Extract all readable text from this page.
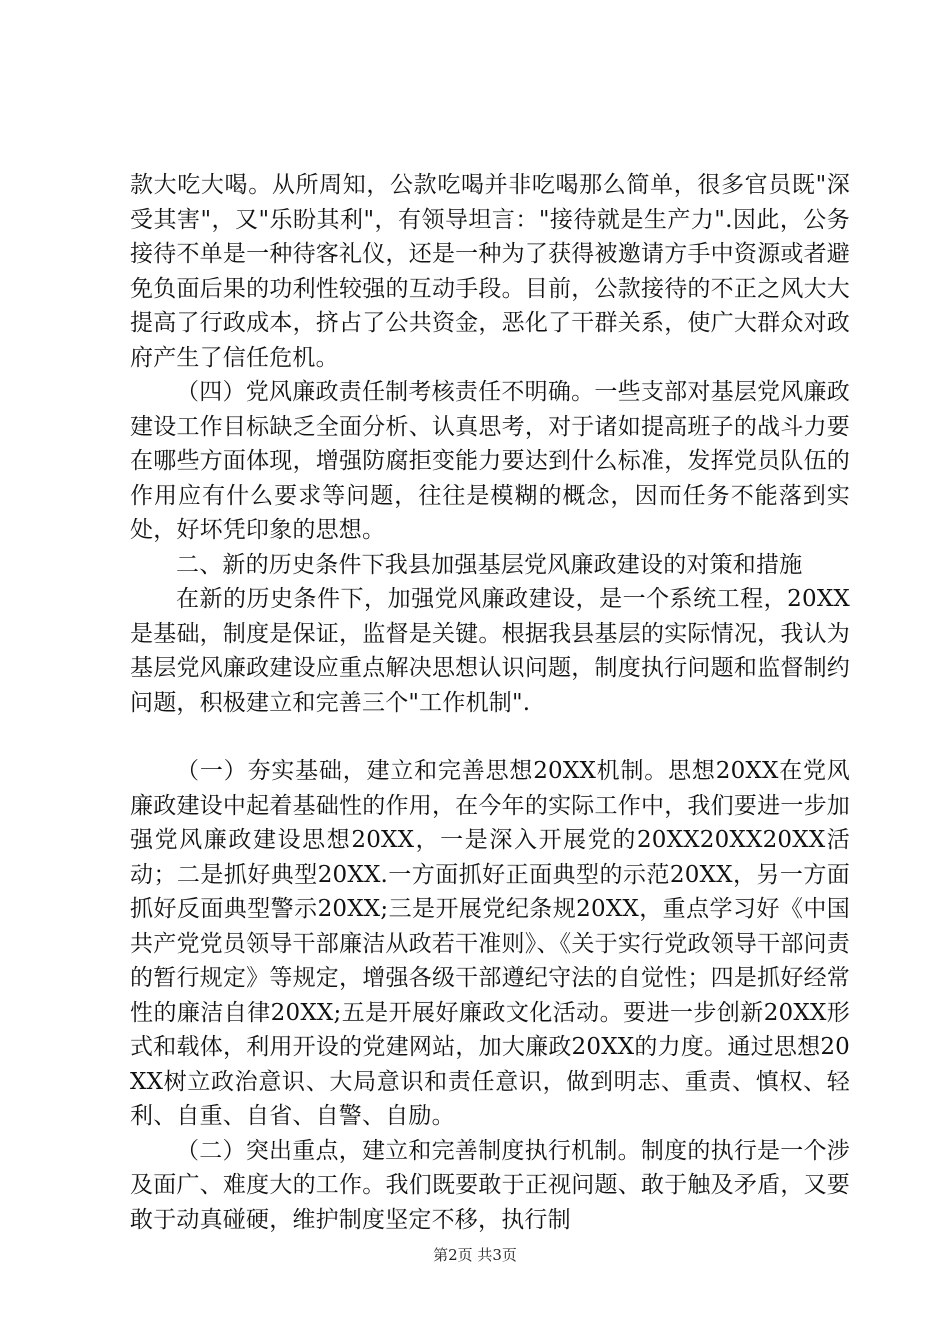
款大吃大喝。从所周知，公款吃喝并非吃喝那么简单，很多官员既"深受其害"，又"乐盼其利"，有领导坦言："接待就是生产力".因此，公务接待不单是一种待客礼仪，还是一种为了获得被邀请方手中资源或者避免负面后果的功利性较强的互动手段。目前，公款接待的不正之风大大提高了行政成本，挤占了公共资金，恶化了干群关系，使广大群众对政府产生了信任危机。

（四）党风廉政责任制考核责任不明确。一些支部对基层党风廉政建设工作目标缺乏全面分析、认真思考，对于诸如提高班子的战斗力要在哪些方面体现，增强防腐拒变能力要达到什么标准，发挥党员队伍的作用应有什么要求等问题，往往是模糊的概念，因而任务不能落到实处，好坏凭印象的思想。

二、新的历史条件下我县加强基层党风廉政建设的对策和措施

在新的历史条件下，加强党风廉政建设，是一个系统工程，20XX是基础，制度是保证，监督是关键。根据我县基层的实际情况，我认为基层党风廉政建设应重点解决思想认识问题，制度执行问题和监督制约问题，积极建立和完善三个"工作机制".

（一）夯实基础，建立和完善思想20XX机制。思想20XX在党风廉政建设中起着基础性的作用，在今年的实际工作中，我们要进一步加强党风廉政建设思想20XX，一是深入开展党的20XX20XX20XX活动；二是抓好典型20XX.一方面抓好正面典型的示范20XX，另一方面抓好反面典型警示20XX;三是开展党纪条规20XX，重点学习好《中国共产党党员领导干部廉洁从政若干准则》、《关于实行党政领导干部问责的暂行规定》等规定，增强各级干部遵纪守法的自觉性；四是抓好经常性的廉洁自律20XX;五是开展好廉政文化活动。要进一步创新20XX形式和载体，利用开设的党建网站，加大廉政20XX的力度。通过思想20XX树立政治意识、大局意识和责任意识，做到明志、重责、慎权、轻利、自重、自省、自警、自励。

（二）突出重点，建立和完善制度执行机制。制度的执行是一个涉及面广、难度大的工作。我们既要敢于正视问题、敢于触及矛盾，又要敢于动真碰硬，维护制度坚定不移，执行制

第2页 共3页
